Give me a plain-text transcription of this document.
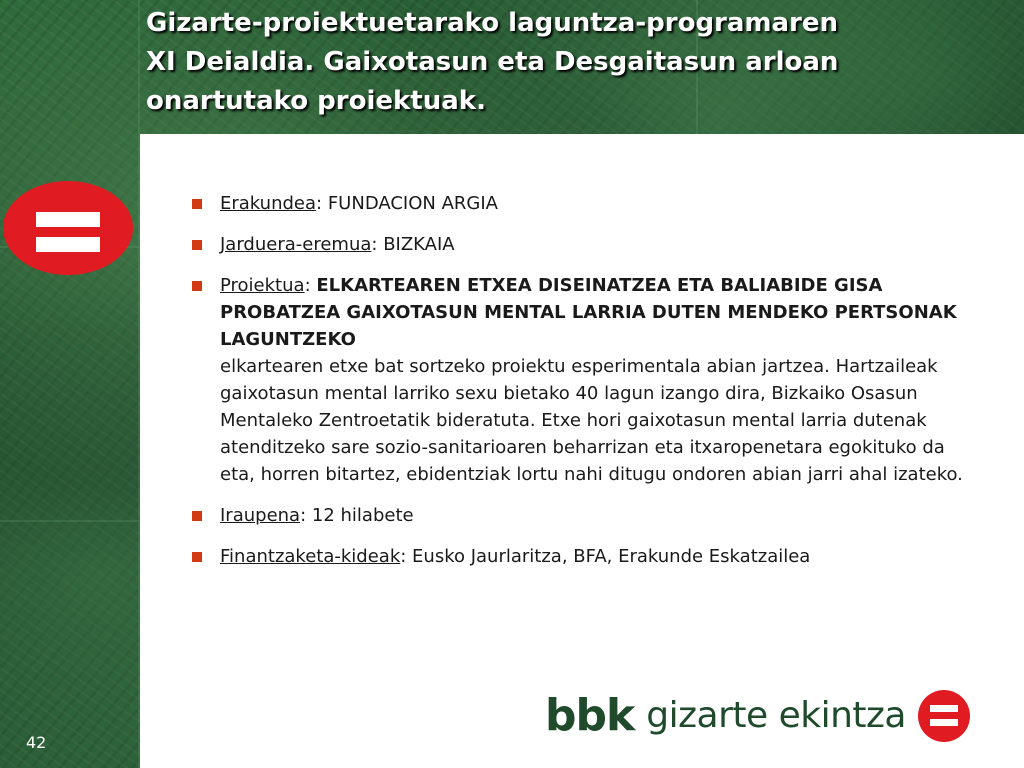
Gizarte-proiektuetarako laguntza-programaren
XI Deialdia. Gaixotasun eta Desgaitasun arloan
onartutako proiektuak.
Erakundea: FUNDACION ARGIA
Jarduera-eremua: BIZKAIA
Proiektua: ELKARTEAREN ETXEA DISEINATZEA ETA BALIABIDE GISA PROBATZEA GAIXOTASUN MENTAL LARRIA DUTEN MENDEKO PERTSONAK LAGUNTZEKO
elkartearen etxe bat sortzeko proiektu esperimentala abian jartzea. Hartzaileak gaixotasun mental larriko sexu bietako 40 lagun izango dira, Bizkaiko Osasun Mentaleko Zentroetatik bideratuta. Etxe hori gaixotasun mental larria dutenak atenditzeko sare sozio-sanitarioaren beharrizan eta itxaropenetara egokituko da eta, horren bitartez, ebidentziak lortu nahi ditugu ondoren abian jarri ahal izateko.
Iraupena: 12 hilabete
Finantzaketa-kideak: Eusko Jaurlaritza, BFA, Erakunde Eskatzailea
42
bbk gizarte ekintza
